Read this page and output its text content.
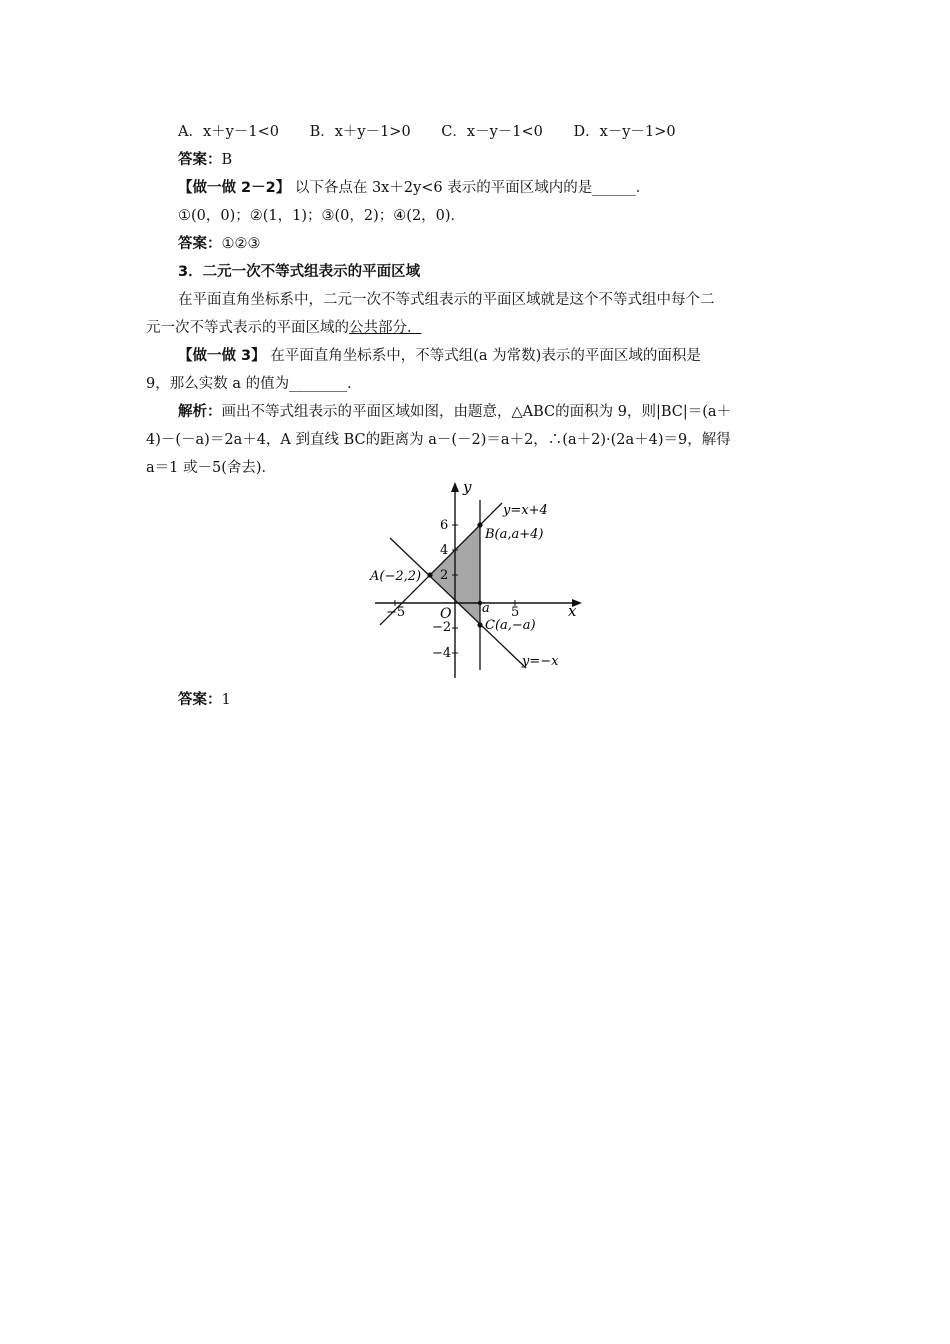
A．x＋y－1<0 B．x＋y－1>0 C．x－y－1<0 D．x－y－1>0
答案：B
【做一做 2－2】 以下各点在 3x＋2y<6 表示的平面区域内的是______．
①(0，0)；②(1，1)；③(0，2)；④(2，0)．
答案：①②③
3．二元一次不等式组表示的平面区域
在平面直角坐标系中，二元一次不等式组表示的平面区域就是这个不等式组中每个二
元一次不等式表示的平面区域的公共部分．
【做一做 3】 在平面直角坐标系中，不等式组(a 为常数)表示的平面区域的面积是
9，那么实数 a 的值为________．
解析：画出不等式组表示的平面区域如图，由题意，△ABC的面积为 9，则|BC|＝(a＋
4)－(－a)＝2a＋4，A 到直线 BC的距离为 a－(－2)＝a＋2，∴(a＋2)·(2a＋4)＝9，解得
a＝1 或－5(舍去)．
y
x
O
y=x+4
y=−x
A(−2,2)
B(a,a+4)
C(a,−a)
a
−5	5
6
4
2
−2
−4
答案：1
